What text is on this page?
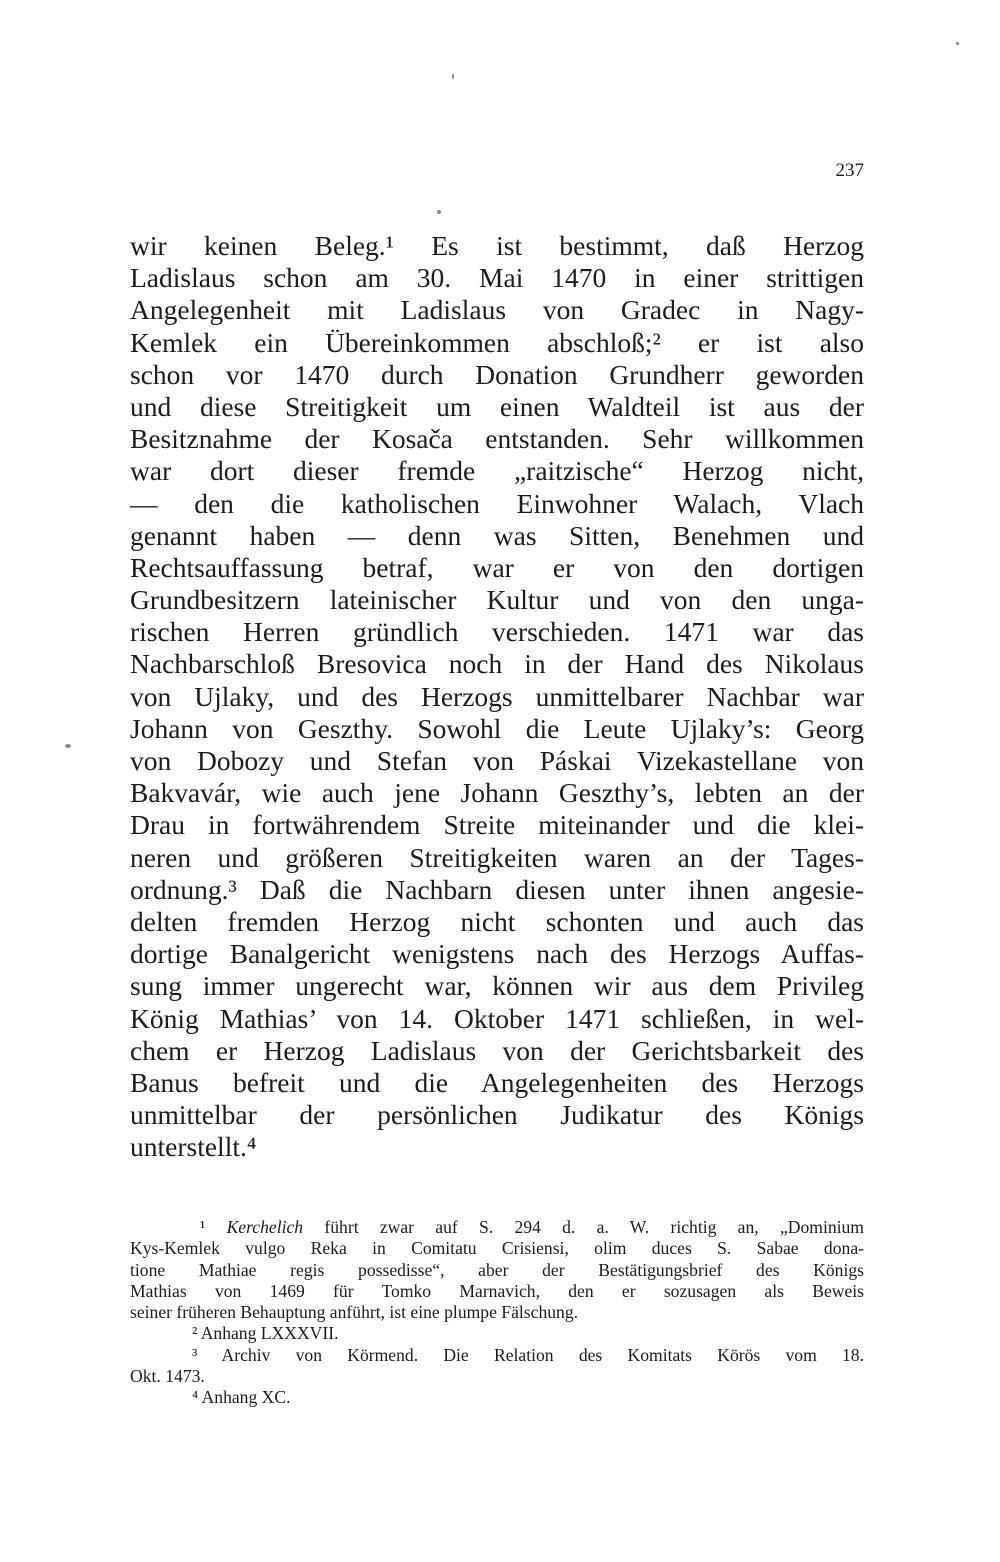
237
wir keinen Beleg.¹ Es ist bestimmt, daß Herzog
Ladislaus schon am 30. Mai 1470 in einer strittigen
Angelegenheit mit Ladislaus von Gradec in Nagy-
Kemlek ein Übereinkommen abschloß;² er ist also
schon vor 1470 durch Donation Grundherr geworden
und diese Streitigkeit um einen Waldteil ist aus der
Besitznahme der Kosača entstanden. Sehr willkommen
war dort dieser fremde „raitzische“ Herzog nicht,
— den die katholischen Einwohner Walach, Vlach
genannt haben — denn was Sitten, Benehmen und
Rechtsauffassung betraf, war er von den dortigen
Grundbesitzern lateinischer Kultur und von den unga-
rischen Herren gründlich verschieden. 1471 war das
Nachbarschloß Bresovica noch in der Hand des Nikolaus
von Ujlaky, und des Herzogs unmittelbarer Nachbar war
Johann von Geszthy. Sowohl die Leute Ujlaky’s: Georg
von Dobozy und Stefan von Páskai Vizekastellane von
Bakvavár, wie auch jene Johann Geszthy’s, lebten an der
Drau in fortwährendem Streite miteinander und die klei-
neren und größeren Streitigkeiten waren an der Tages-
ordnung.³ Daß die Nachbarn diesen unter ihnen angesie-
delten fremden Herzog nicht schonten und auch das
dortige Banalgericht wenigstens nach des Herzogs Auffas-
sung immer ungerecht war, können wir aus dem Privileg
König Mathias’ von 14. Oktober 1471 schließen, in wel-
chem er Herzog Ladislaus von der Gerichtsbarkeit des
Banus befreit und die Angelegenheiten des Herzogs
unmittelbar der persönlichen Judikatur des Königs
unterstellt.⁴
¹ Kerchelich führt zwar auf S. 294 d. a. W. richtig an, „Dominium
Kys-Kemlek vulgo Reka in Comitatu Crisiensi, olim duces S. Sabae dona-
tione Mathiae regis possedisse“, aber der Bestätigungsbrief des Königs
Mathias von 1469 für Tomko Marnavich, den er sozusagen als Beweis
seiner früheren Behauptung anführt, ist eine plumpe Fälschung.
² Anhang LXXXVII.
³ Archiv von Körmend. Die Relation des Komitats Körös vom 18.
Okt. 1473.
⁴ Anhang XC.
